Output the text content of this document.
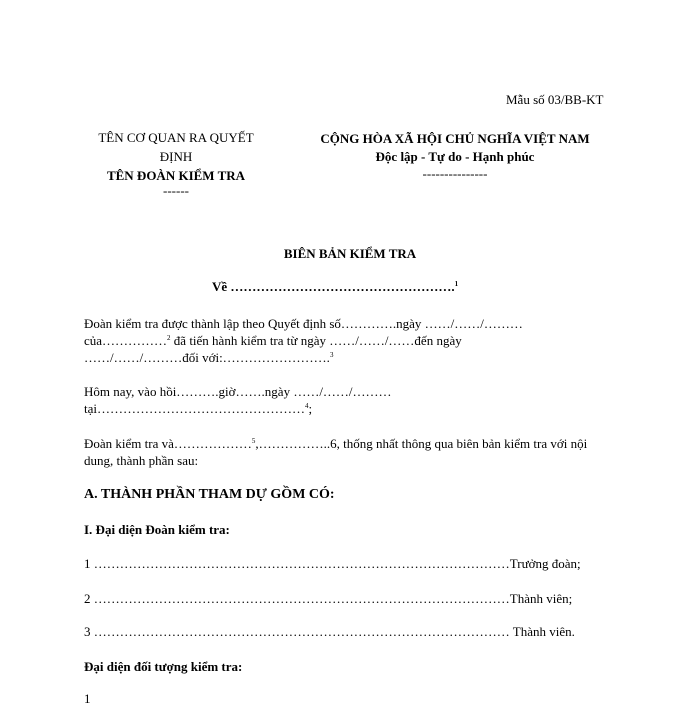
Mẫu số 03/BB-KT
TÊN CƠ QUAN RA QUYẾT
ĐỊNH
TÊN ĐOÀN KIỂM TRA
------
CỘNG HÒA XÃ HỘI CHỦ NGHĨA VIỆT NAM
Độc lập - Tự do - Hạnh phúc
---------------
BIÊN BẢN KIỂM TRA
Về …………………………………………….$^1$
Đoàn kiểm tra được thành lập theo Quyết định số………….ngày ……/……/………
của……………$^2$ đã tiến hành kiểm tra từ ngày ……/……/……đến ngày
……/……/………đối với:…………………….$^3$
Hôm nay, vào hồi……….giờ…….ngày ……/……/………
tại…………………………………………$^4$;
Đoàn kiểm tra và………………$^5$,……………..6, thống nhất thông qua biên bản kiểm tra với nội
dung, thành phần sau:
A. THÀNH PHẦN THAM DỰ GỒM CÓ:
I. Đại diện Đoàn kiểm tra:
1 ……………………………………………………………………………………Trưởng đoàn;
2 ……………………………………………………………………………………Thành viên;
3 …………………………………………………………………………………… Thành viên.
Đại diện đối tượng kiểm tra:
1
